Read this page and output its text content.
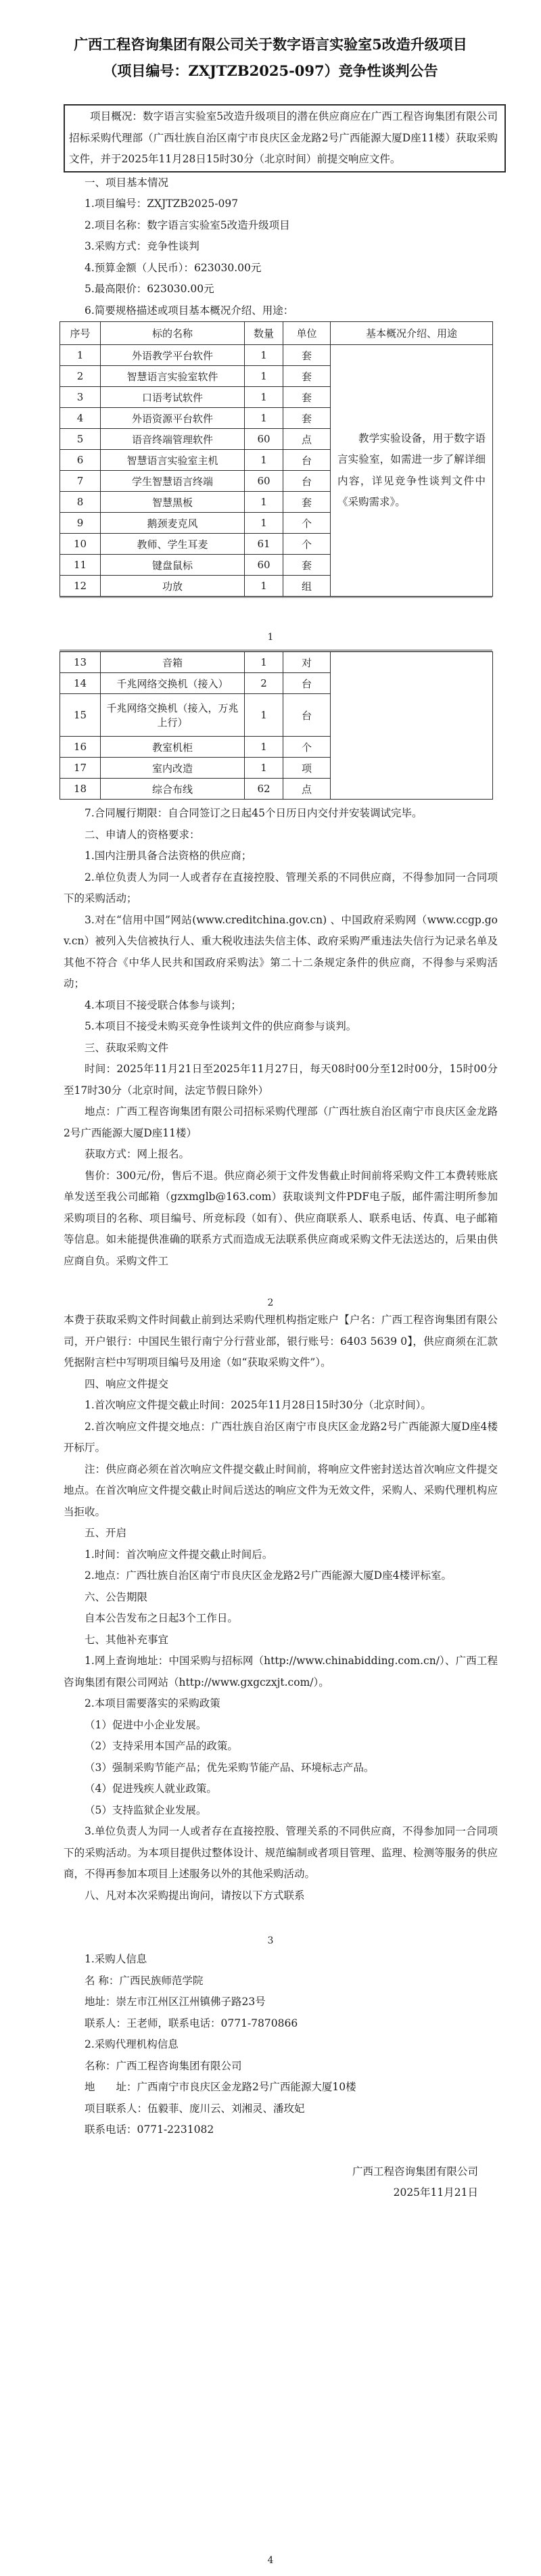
广西工程咨询集团有限公司关于数字语言实验室5改造升级项目
（项目编号：ZXJTZB2025-097）竞争性谈判公告

项目概况：数字语言实验室5改造升级项目的潜在供应商应在广西工程咨询集团有限公司招标采购代理部（广西壮族自治区南宁市良庆区金龙路2号广西能源大厦D座11楼）获取采购文件，并于2025年11月28日15时30分（北京时间）前提交响应文件。

一、项目基本情况

1.项目编号：ZXJTZB2025-097

2.项目名称：数字语言实验室5改造升级项目

3.采购方式：竞争性谈判

4.预算金额（人民币）：623030.00元

5.最高限价：623030.00元

6.简要规格描述或项目基本概况介绍、用途：

序号	标的名称	数量	单位	基本概况介绍、用途
1	外语教学平台软件	1	套	教学实验设备，用于数字语言实验室，如需进一步了解详细内容，详见竞争性谈判文件中《采购需求》。
2	智慧语言实验室软件	1	套	
3	口语考试软件	1	套	
4	外语资源平台软件	1	套	
5	语音终端管理软件	60	点	
6	智慧语言实验室主机	1	台	
7	学生智慧语言终端	60	台	
8	智慧黑板	1	套	
9	鹅颈麦克风	1	个	
10	教师、学生耳麦	61	个	
11	键盘鼠标	60	套	
12	功放	1	组	

1

13	音箱	1	对	
14	千兆网络交换机（接入）	2	台	
15	千兆网络交换机（接入，万兆上行）	1	台	
16	教室机柜	1	个	
17	室内改造	1	项	
18	综合布线	62	点	

7.合同履行期限：自合同签订之日起45个日历日内交付并安装调试完毕。

二、申请人的资格要求：

1.国内注册具备合法资格的供应商；

2.单位负责人为同一人或者存在直接控股、管理关系的不同供应商，不得参加同一合同项下的采购活动；

3.对在“信用中国”网站(www.creditchina.gov.cn) 、中国政府采购网（www.ccgp.gov.cn）被列入失信被执行人、重大税收违法失信主体、政府采购严重违法失信行为记录名单及其他不符合《中华人民共和国政府采购法》第二十二条规定条件的供应商，不得参与采购活动；

4.本项目不接受联合体参与谈判；

5.本项目不接受未购买竞争性谈判文件的供应商参与谈判。

三、获取采购文件

时间：2025年11月21日至2025年11月27日，每天08时00分至12时00分，15时00分至17时30分（北京时间，法定节假日除外）

地点：广西工程咨询集团有限公司招标采购代理部（广西壮族自治区南宁市良庆区金龙路2号广西能源大厦D座11楼）

获取方式：网上报名。

售价：300元/份，售后不退。供应商必须于文件发售截止时间前将采购文件工本费转账底单发送至我公司邮箱（gzxmglb@163.com）获取谈判文件PDF电子版，邮件需注明所参加采购项目的名称、项目编号、所竞标段（如有）、供应商联系人、联系电话、传真、电子邮箱等信息。如未能提供准确的联系方式而造成无法联系供应商或采购文件无法送达的，后果由供应商自负。采购文件工

2

本费于获取采购文件时间截止前到达采购代理机构指定账户【户名：广西工程咨询集团有限公司，开户银行：中国民生银行南宁分行营业部，银行账号：6403 5639 0】，供应商须在汇款凭据附言栏中写明项目编号及用途（如“获取采购文件”）。

四、响应文件提交

1.首次响应文件提交截止时间：2025年11月28日15时30分（北京时间）。

2.首次响应文件提交地点：广西壮族自治区南宁市良庆区金龙路2号广西能源大厦D座4楼开标厅。

注：供应商必须在首次响应文件提交截止时间前，将响应文件密封送达首次响应文件提交地点。在首次响应文件提交截止时间后送达的响应文件为无效文件，采购人、采购代理机构应当拒收。

五、开启

1.时间：首次响应文件提交截止时间后。

2.地点：广西壮族自治区南宁市良庆区金龙路2号广西能源大厦D座4楼评标室。

六、公告期限

自本公告发布之日起3个工作日。

七、其他补充事宜

1.网上查询地址：中国采购与招标网（http://www.chinabidding.com.cn/）、广西工程咨询集团有限公司网站（http://www.gxgczxjt.com/）。

2.本项目需要落实的采购政策

（1）促进中小企业发展。

（2）支持采用本国产品的政策。

（3）强制采购节能产品；优先采购节能产品、环境标志产品。

（4）促进残疾人就业政策。

（5）支持监狱企业发展。

3.单位负责人为同一人或者存在直接控股、管理关系的不同供应商，不得参加同一合同项下的采购活动。为本项目提供过整体设计、规范编制或者项目管理、监理、检测等服务的供应商，不得再参加本项目上述服务以外的其他采购活动。

八、凡对本次采购提出询问，请按以下方式联系

3

1.采购人信息

名 称：广西民族师范学院

地址：崇左市江州区江州镇佛子路23号

联系人：王老师，联系电话：0771-7870866

2.采购代理机构信息

名称：广西工程咨询集团有限公司

地　　址：广西南宁市良庆区金龙路2号广西能源大厦10楼

项目联系人：伍毅菲、庞川云、刘湘灵、潘玫妃

联系电话：0771-2231082

广西工程咨询集团有限公司

2025年11月21日

4
